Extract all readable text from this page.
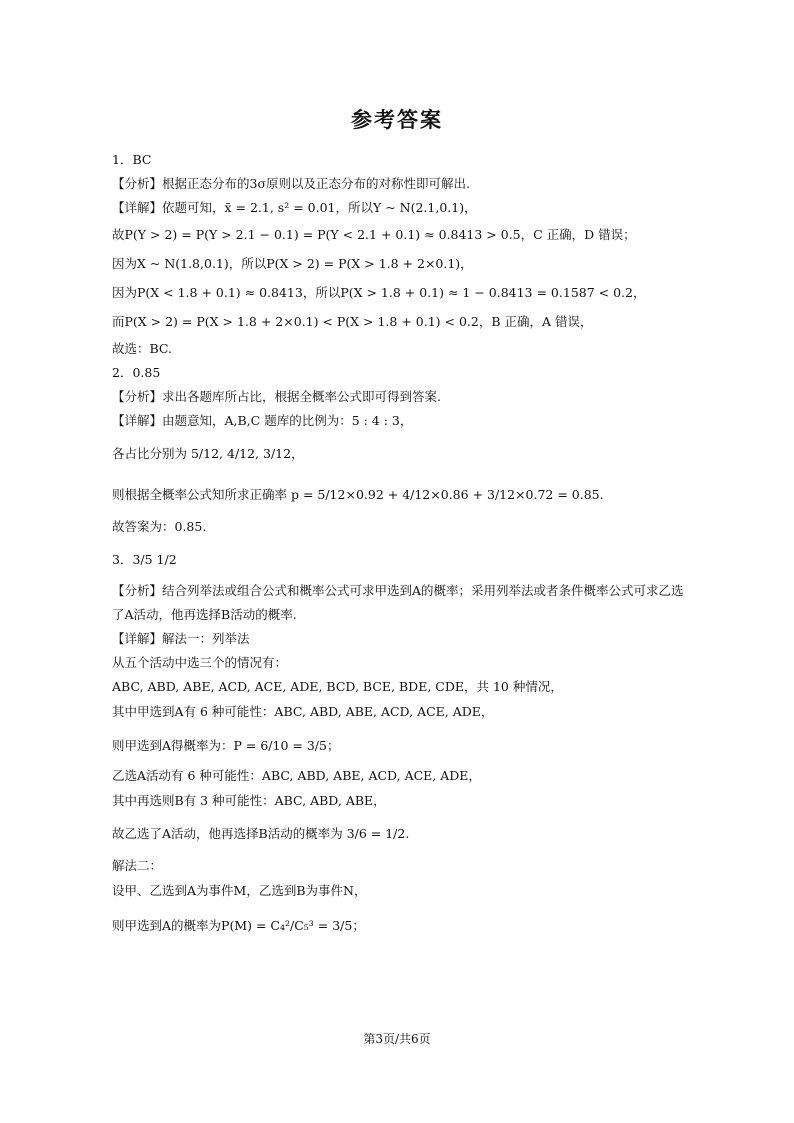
参考答案
1．BC
【分析】根据正态分布的3σ原则以及正态分布的对称性即可解出.
【详解】依题可知，x̄ = 2.1, s² = 0.01，所以Y ~ N(2.1,0.1)，
故P(Y > 2) = P(Y > 2.1 − 0.1) = P(Y < 2.1 + 0.1) ≈ 0.8413 > 0.5，C 正确，D 错误；
因为X ~ N(1.8,0.1)，所以P(X > 2) = P(X > 1.8 + 2×0.1)，
因为P(X < 1.8 + 0.1) ≈ 0.8413，所以P(X > 1.8 + 0.1) ≈ 1 − 0.8413 = 0.1587 < 0.2，
而P(X > 2) = P(X > 1.8 + 2×0.1) < P(X > 1.8 + 0.1) < 0.2，B 正确，A 错误，
故选：BC.
2．0.85
【分析】求出各题库所占比，根据全概率公式即可得到答案.
【详解】由题意知，A,B,C 题库的比例为：5 : 4 : 3，
各占比分别为 5/12, 4/12, 3/12，
则根据全概率公式知所求正确率 p = 5/12×0.92 + 4/12×0.86 + 3/12×0.72 = 0.85.
故答案为：0.85.
3．3/5 1/2
【分析】结合列举法或组合公式和概率公式可求甲选到A的概率；采用列举法或者条件概率公式可求乙选
了A活动，他再选择B活动的概率.
【详解】解法一：列举法
从五个活动中选三个的情况有：
ABC, ABD, ABE, ACD, ACE, ADE, BCD, BCE, BDE, CDE，共 10 种情况，
其中甲选到A有 6 种可能性：ABC, ABD, ABE, ACD, ACE, ADE，
则甲选到A得概率为：P = 6/10 = 3/5；
乙选A活动有 6 种可能性：ABC, ABD, ABE, ACD, ACE, ADE，
其中再选则B有 3 种可能性：ABC, ABD, ABE，
故乙选了A活动，他再选择B活动的概率为 3/6 = 1/2.
解法二：
设甲、乙选到A为事件M，乙选到B为事件N，
则甲选到A的概率为P(M) = C₄²/C₅³ = 3/5；
第3页/共6页
